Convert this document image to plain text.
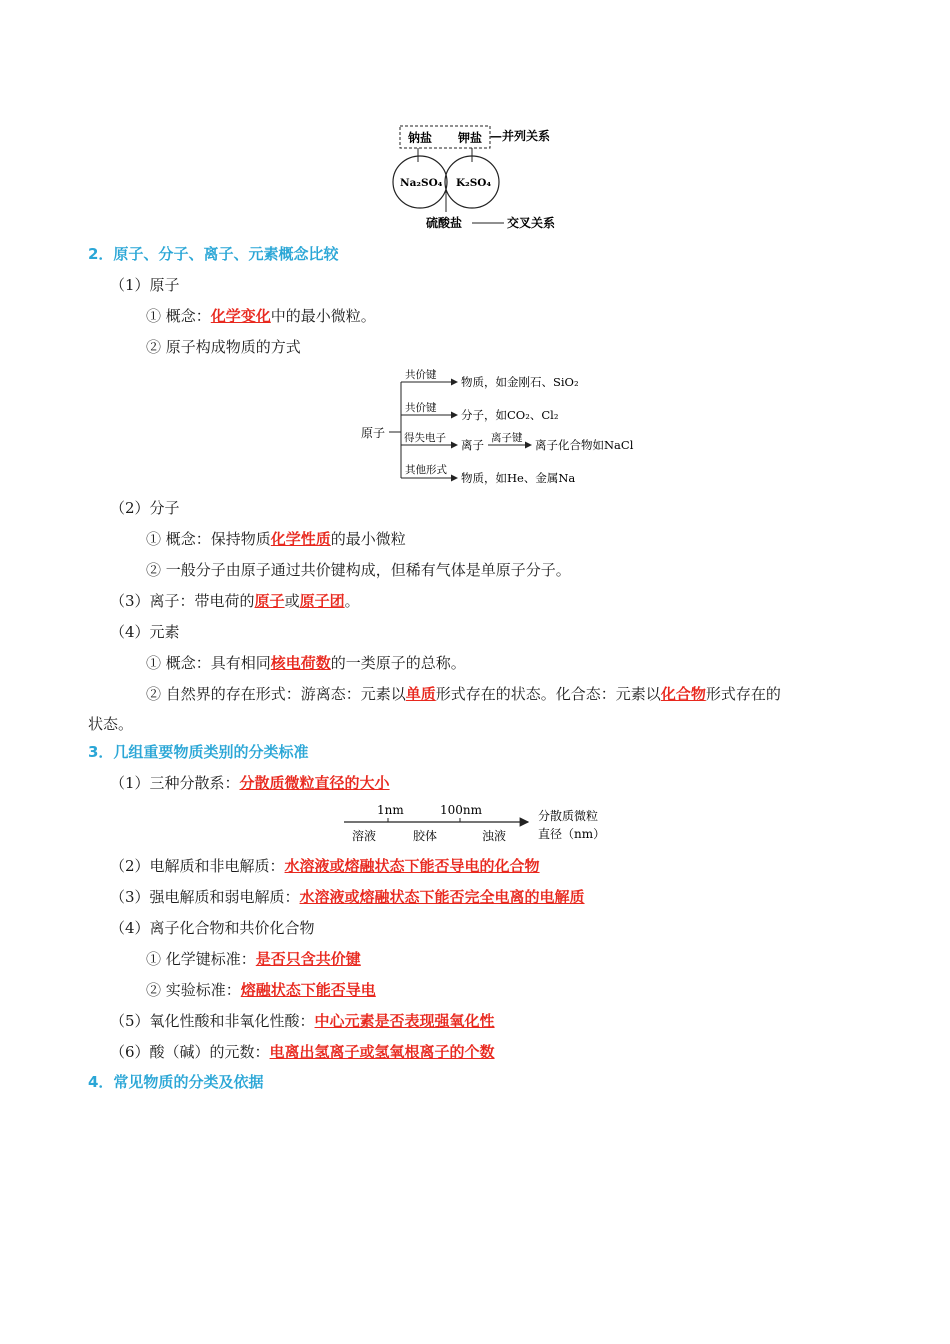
钠盐 钾盐 —并列关系
Na₂SO₄ K₂SO₄
硫酸盐	交叉关系
2．原子、分子、离子、元素概念比较
（1）原子
① 概念：化学变化中的最小微粒。
② 原子构成物质的方式
原子
共价键 物质，如金刚石、SiO₂
共价键 分子，如CO₂、Cl₂
得失电子 离子 离子键 离子化合物如NaCl
其他形式
物质，如He、金属Na
（2）分子
① 概念：保持物质化学性质的最小微粒
② 一般分子由原子通过共价键构成，但稀有气体是单原子分子。
（3）离子：带电荷的原子或原子团。
（4）元素
① 概念：具有相同核电荷数的一类原子的总称。
② 自然界的存在形式：游离态：元素以单质形式存在的状态。化合态：元素以化合物形式存在的
状态。
3．几组重要物质类别的分类标准
（1）三种分散系：分散质微粒直径的大小
1nm	100nm
溶液	胶体	浊液
分散质微粒
直径（nm）
（2）电解质和非电解质：水溶液或熔融状态下能否导电的化合物
（3）强电解质和弱电解质：水溶液或熔融状态下能否完全电离的电解质
（4）离子化合物和共价化合物
① 化学键标准：是否只含共价键
② 实验标准：熔融状态下能否导电
（5）氧化性酸和非氧化性酸：中心元素是否表现强氧化性
（6）酸（碱）的元数：电离出氢离子或氢氧根离子的个数
4．常见物质的分类及依据
